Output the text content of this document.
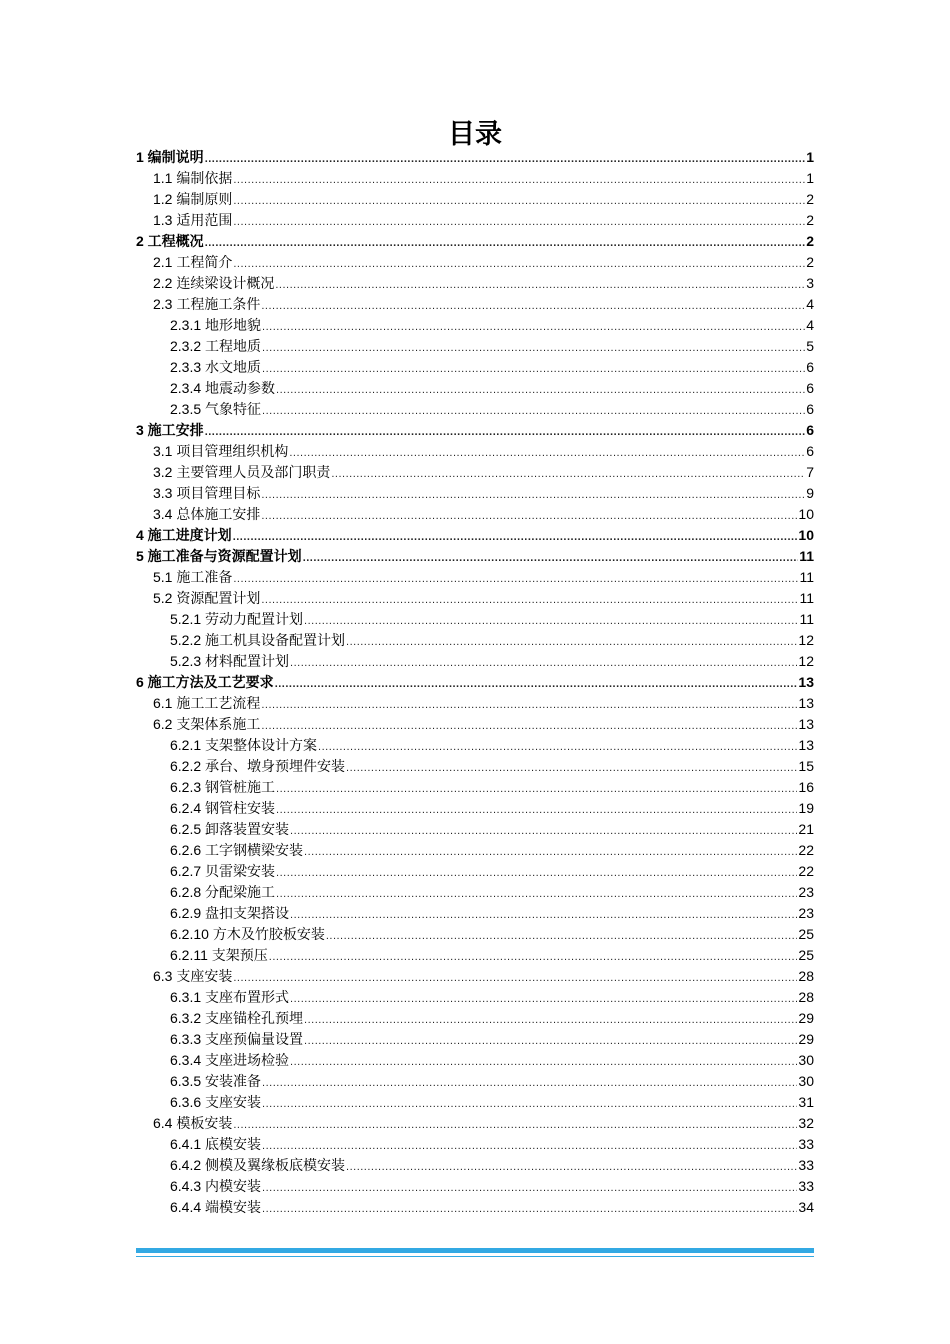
目录
1 编制说明 .....	1
1.1 编制依据 .....	1
1.2 编制原则 .....	2
1.3 适用范围 .....	2
2 工程概况 .....	2
2.1 工程简介 .....	2
2.2 连续梁设计概况 .....	3
2.3 工程施工条件 .....	4
2.3.1 地形地貌 .....	4
2.3.2 工程地质 .....	5
2.3.3 水文地质 .....	6
2.3.4 地震动参数 .....	6
2.3.5 气象特征 .....	6
3 施工安排 .....	6
3.1 项目管理组织机构 .....	6
3.2 主要管理人员及部门职责 .....	7
3.3 项目管理目标 .....	9
3.4 总体施工安排 .....	10
4 施工进度计划 .....	10
5 施工准备与资源配置计划 .....	11
5.1 施工准备 .....	11
5.2 资源配置计划 .....	11
5.2.1 劳动力配置计划 .....	11
5.2.2 施工机具设备配置计划 .....	12
5.2.3 材料配置计划 .....	12
6 施工方法及工艺要求 .....	13
6.1 施工工艺流程 .....	13
6.2 支架体系施工 .....	13
6.2.1 支架整体设计方案 .....	13
6.2.2 承台、墩身预埋件安装 .....	15
6.2.3 钢管桩施工 .....	16
6.2.4 钢管柱安装 .....	19
6.2.5 卸落装置安装 .....	21
6.2.6 工字钢横梁安装 .....	22
6.2.7 贝雷梁安装 .....	22
6.2.8 分配梁施工 .....	23
6.2.9 盘扣支架搭设 .....	23
6.2.10 方木及竹胶板安装 .....	25
6.2.11 支架预压 .....	25
6.3 支座安装 .....	28
6.3.1 支座布置形式 .....	28
6.3.2 支座锚栓孔预埋 .....	29
6.3.3 支座预偏量设置 .....	29
6.3.4 支座进场检验 .....	30
6.3.5 安装准备 .....	30
6.3.6 支座安装 .....	31
6.4 模板安装 .....	32
6.4.1 底模安装 .....	33
6.4.2 侧模及翼缘板底模安装 .....	33
6.4.3 内模安装 .....	33
6.4.4 端模安装 .....	34
